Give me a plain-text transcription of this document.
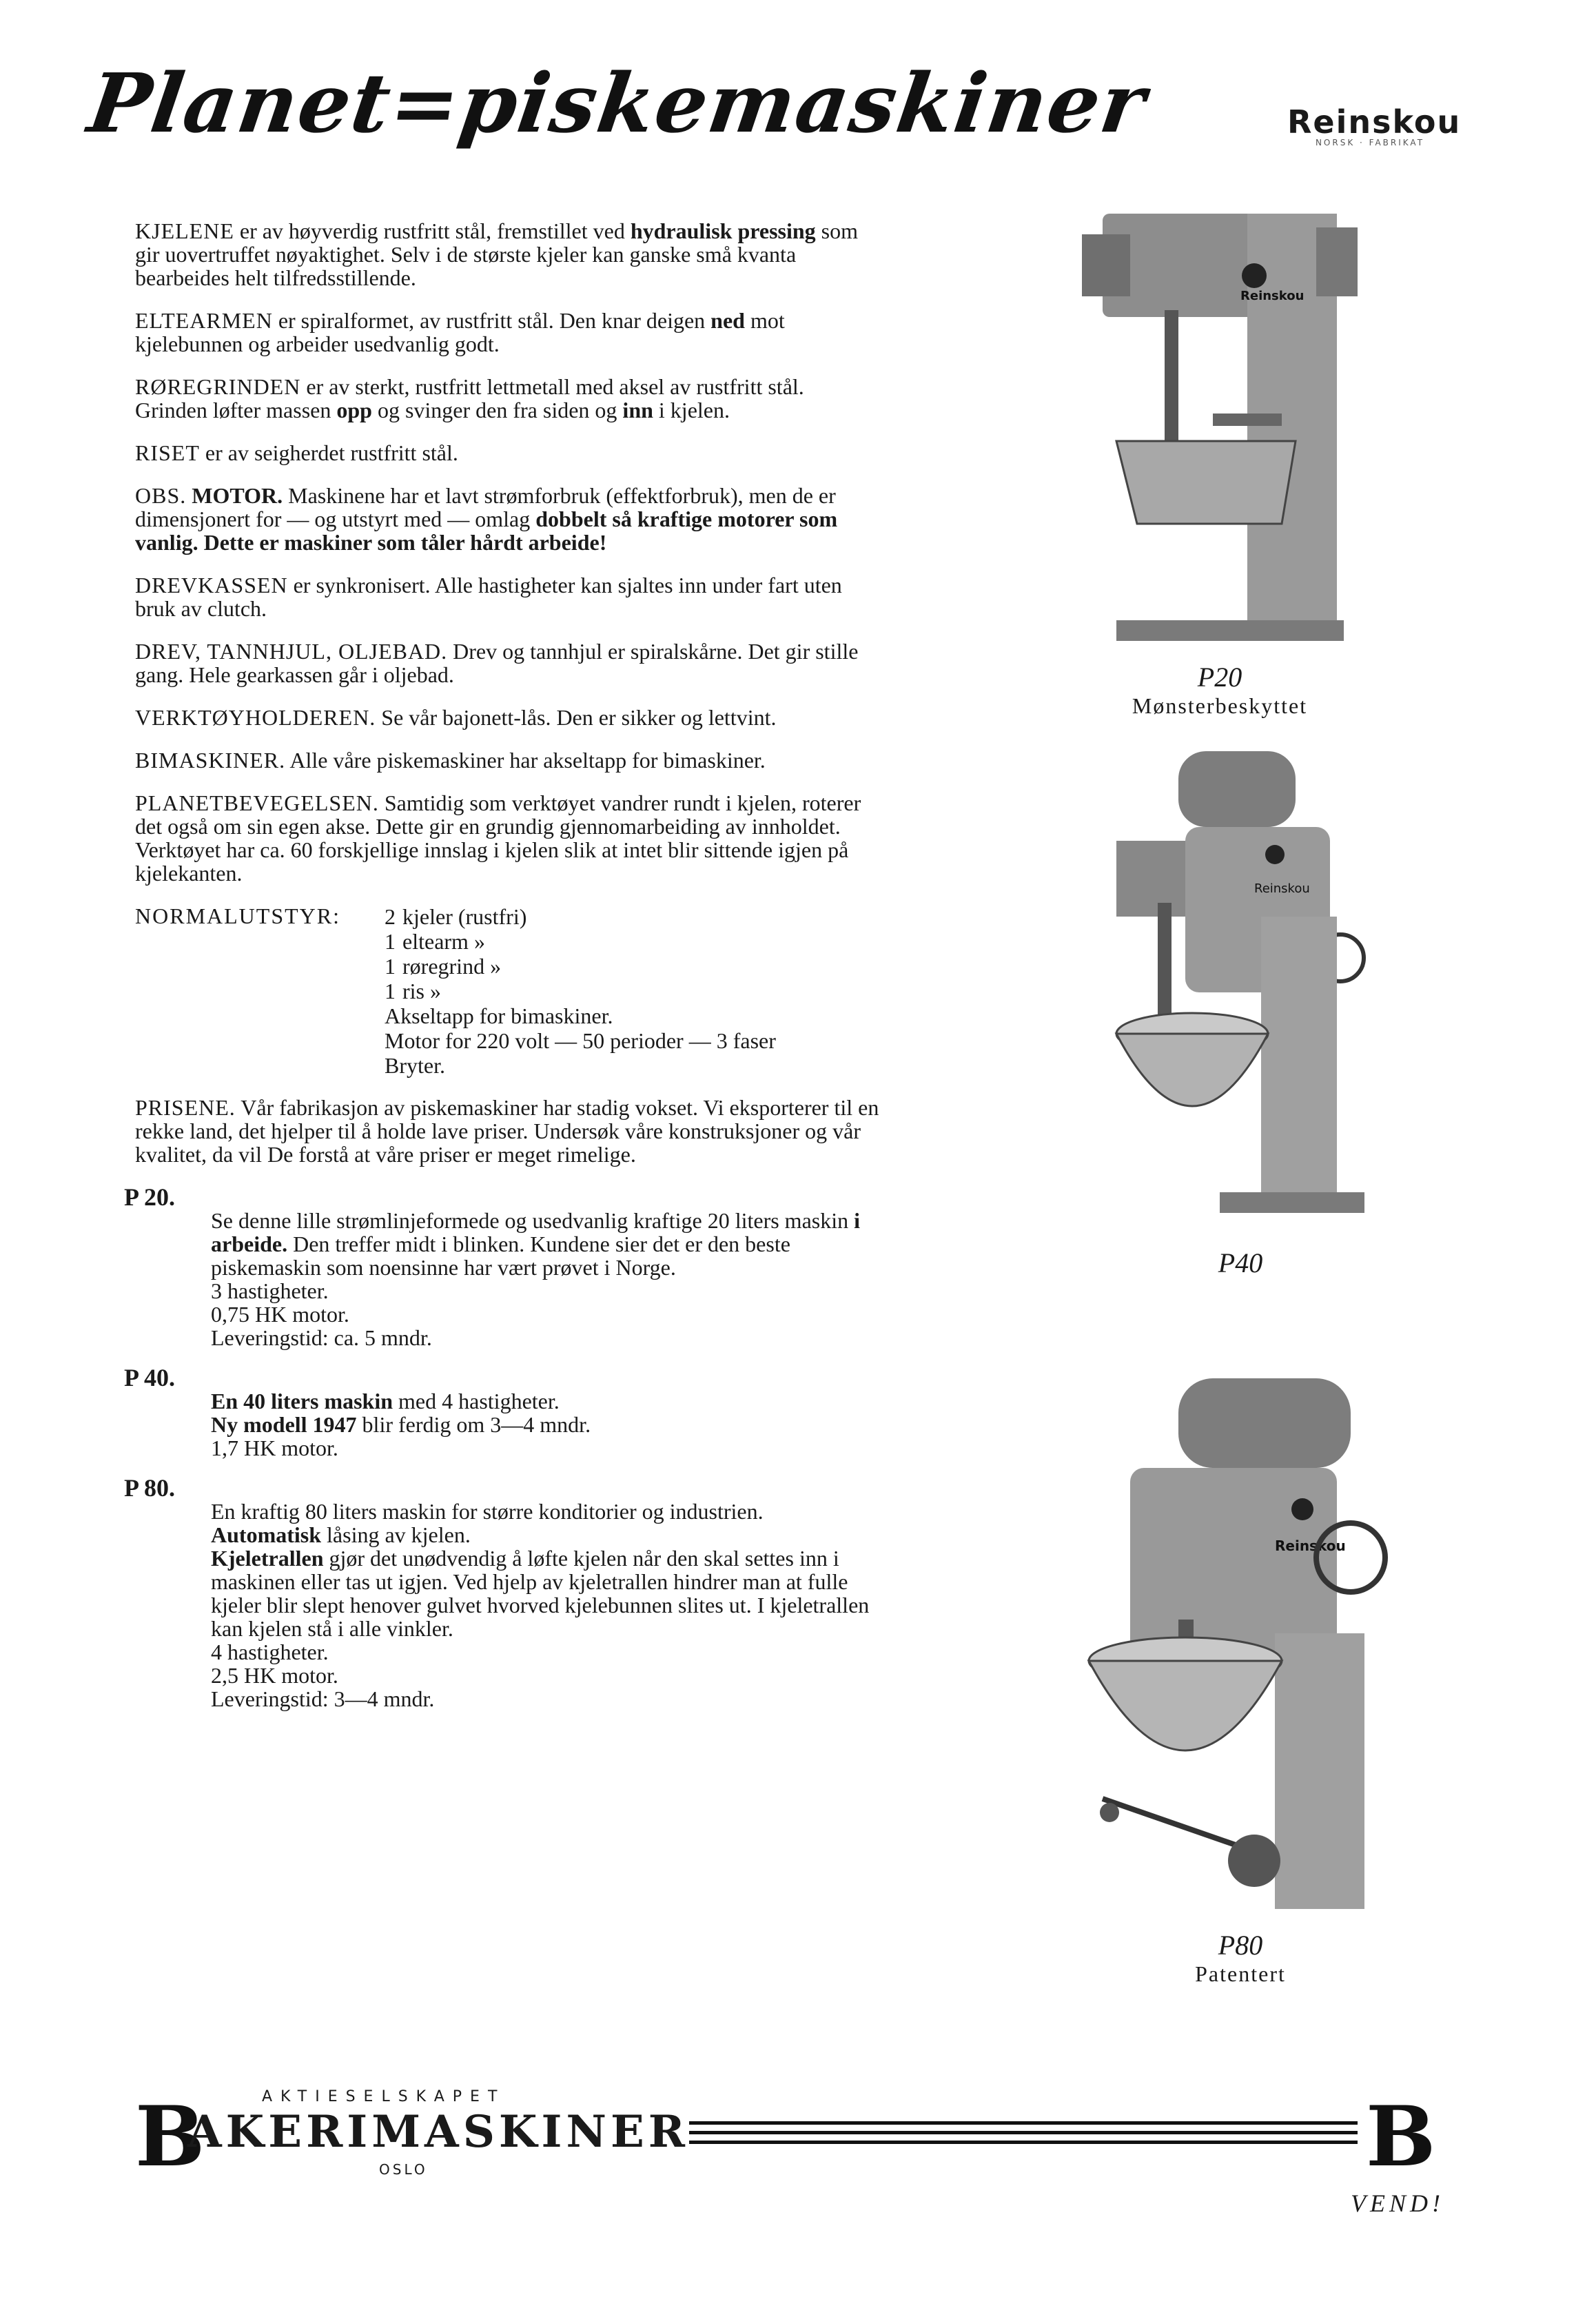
Planet=piskemaskiner	Reinskou
NORSK · FABRIKAT

KJELENE er av høyverdig rustfritt stål, fremstillet ved hydraulisk pressing som gir uovertruffet nøyaktighet. Selv i de største kjeler kan ganske små kvanta bearbeides helt tilfredsstillende.

ELTEARMEN er spiralformet, av rustfritt stål. Den knar deigen ned mot kjelebunnen og arbeider usedvanlig godt.

RØREGRINDEN er av sterkt, rustfritt lettmetall med aksel av rustfritt stål. Grinden løfter massen opp og svinger den fra siden og inn i kjelen.

RISET er av seigherdet rustfritt stål.

OBS. MOTOR. Maskinene har et lavt strømforbruk (effektforbruk), men de er dimensjonert for — og utstyrt med — omlag dobbelt så kraftige motorer som vanlig. Dette er maskiner som tåler hårdt arbeide!

DREVKASSEN er synkronisert. Alle hastigheter kan sjaltes inn under fart uten bruk av clutch.

DREV, TANNHJUL, OLJEBAD. Drev og tannhjul er spiralskårne. Det gir stille gang. Hele gearkassen går i oljebad.

VERKTØYHOLDEREN. Se vår bajonett-lås. Den er sikker og lettvint.

BIMASKINER. Alle våre piskemaskiner har akseltapp for bimaskiner.

PLANETBEVEGELSEN. Samtidig som verktøyet vandrer rundt i kjelen, roterer det også om sin egen akse. Dette gir en grundig gjennomarbeiding av innholdet. Verktøyet har ca. 60 forskjellige innslag i kjelen slik at intet blir sittende igjen på kjelekanten.

NORMALUTSTYR:	2 kjeler (rustfri)
1 eltearm »
1 røregrind »
1 ris »
Akseltapp for bimaskiner.
Motor for 220 volt — 50 perioder — 3 faser
Bryter.

PRISENE. Vår fabrikasjon av piskemaskiner har stadig vokset. Vi eksporterer til en rekke land, det hjelper til å holde lave priser. Undersøk våre konstruksjoner og vår kvalitet, da vil De forstå at våre priser er meget rimelige.

P 20.
Se denne lille strømlinjeformede og usedvanlig kraftige 20 liters maskin i arbeide. Den treffer midt i blinken. Kundene sier det er den beste piskemaskin som noensinne har vært prøvet i Norge.
3 hastigheter.
0,75 HK motor.
Leveringstid: ca. 5 mndr.
P 40.
En 40 liters maskin med 4 hastigheter.
Ny modell 1947 blir ferdig om 3—4 mndr.
1,7 HK motor.
P 80.
En kraftig 80 liters maskin for større konditorier og industrien.
Automatisk låsing av kjelen.
Kjeletrallen gjør det unødvendig å løfte kjelen når den skal settes inn i maskinen eller tas ut igjen. Ved hjelp av kjeletrallen hindrer man at fulle kjeler blir slept henover gulvet hvorved kjelebunnen slites ut. I kjeletrallen kan kjelen stå i alle vinkler.
4 hastigheter.
2,5 HK motor.
Leveringstid: 3—4 mndr.
Reinskou
P20
Mønsterbeskyttet
Reinskou
P40
Reinskou
P80
Patentert
B	AKTIESELSKAPET
AKERIMASKINER
OSLO	B
VEND!
